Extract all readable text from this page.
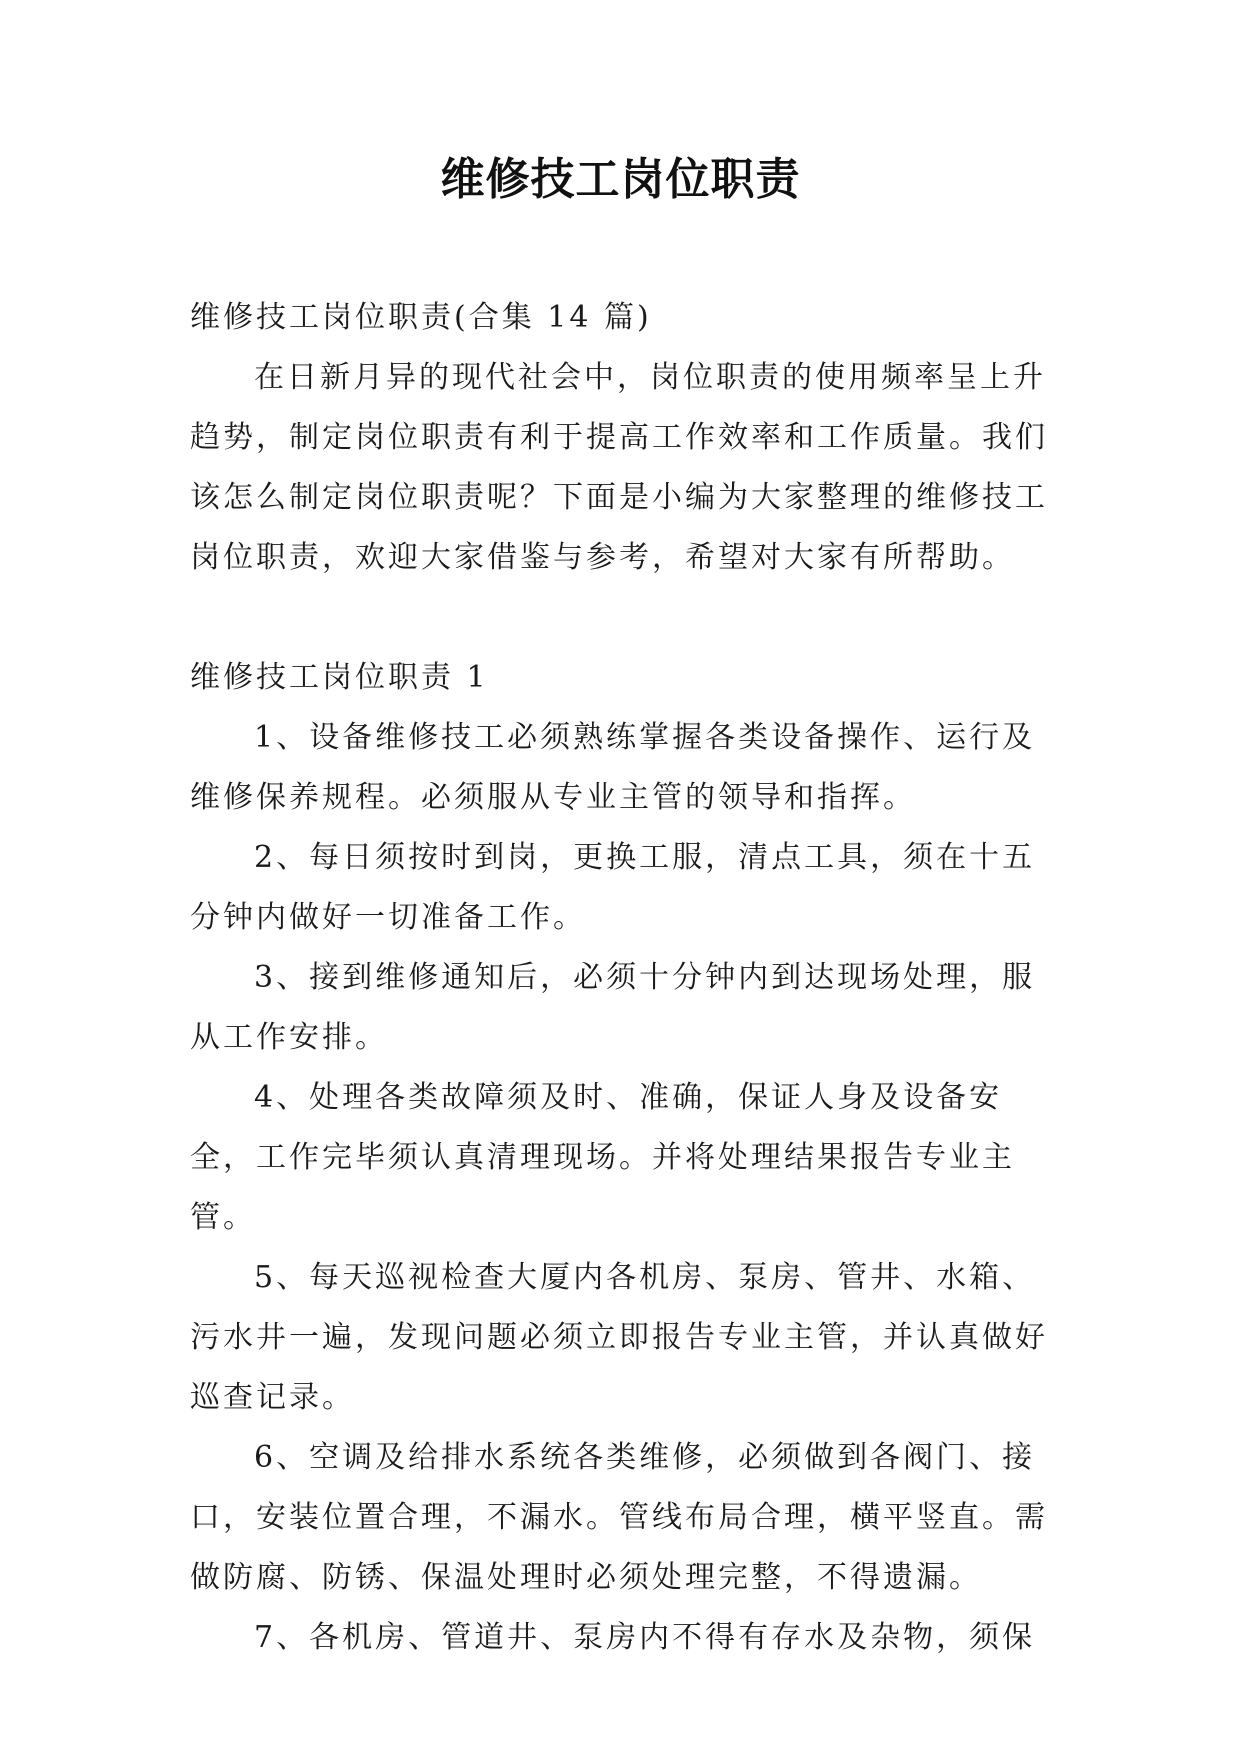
维修技工岗位职责

维修技工岗位职责(合集 14 篇)

在日新月异的现代社会中，岗位职责的使用频率呈上升趋势，制定岗位职责有利于提高工作效率和工作质量。我们该怎么制定岗位职责呢？下面是小编为大家整理的维修技工岗位职责，欢迎大家借鉴与参考，希望对大家有所帮助。

维修技工岗位职责 1

1、设备维修技工必须熟练掌握各类设备操作、运行及维修保养规程。必须服从专业主管的领导和指挥。

2、每日须按时到岗，更换工服，清点工具，须在十五分钟内做好一切准备工作。

3、接到维修通知后，必须十分钟内到达现场处理，服从工作安排。

4、处理各类故障须及时、准确，保证人身及设备安全，工作完毕须认真清理现场。并将处理结果报告专业主管。

5、每天巡视检查大厦内各机房、泵房、管井、水箱、污水井一遍，发现问题必须立即报告专业主管，并认真做好巡查记录。

6、空调及给排水系统各类维修，必须做到各阀门、接口，安装位置合理，不漏水。管线布局合理，横平竖直。需做防腐、防锈、保温处理时必须处理完整，不得遗漏。

7、各机房、管道井、泵房内不得有存水及杂物，须保
